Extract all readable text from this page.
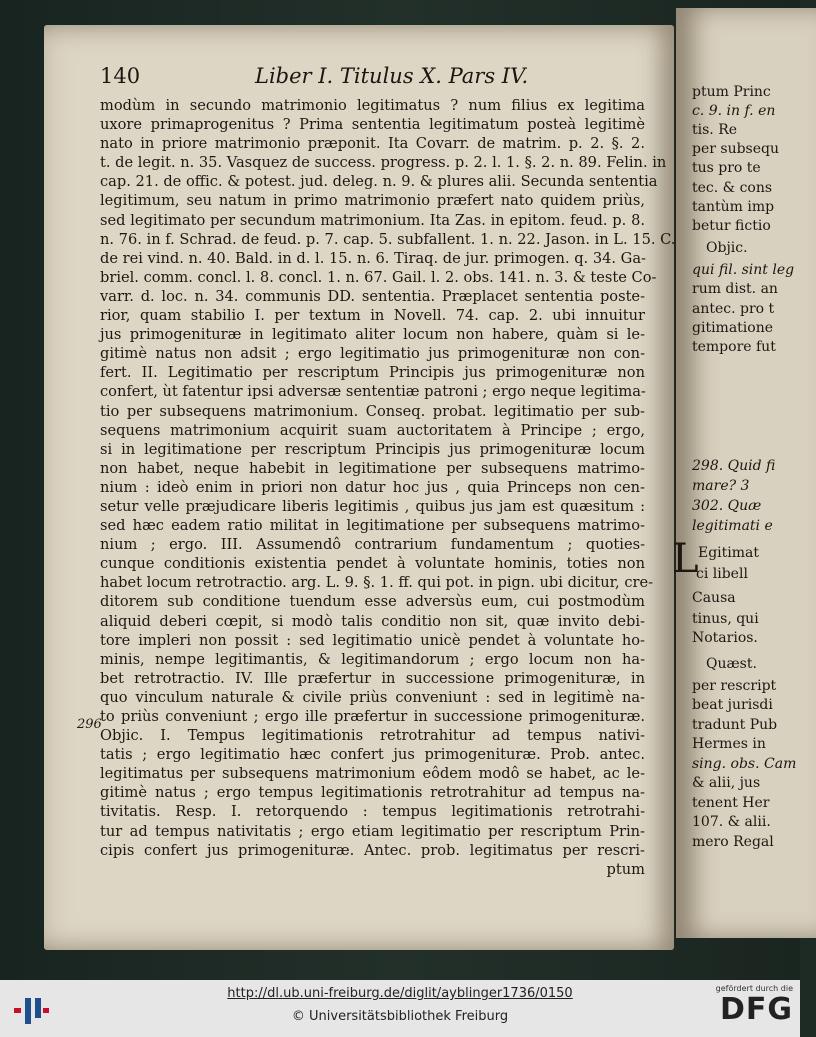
ptum Princ
c. 9. in f. en
tis. Re
per subsequ
tus pro te
tec. & cons
tantùm imp
betur fictio
Objic.
qui fil. sint leg
rum dist. an
antec. pro t
gitimatione
tempore fut
298. Quid fi
mare? 3
302. Quæ
legitimati e
Egitimat
ci libell
Causa
tinus, qui
Notarios.
Quæst.
per rescript
beat jurisdi
tradunt Pub
Hermes in
sing. obs. Cam
& alii, jus
tenent Her
107. & alii.
mero Regal
L
140	Liber I. Titulus X. Pars IV.
modùm in secundo matrimonio legitimatus ? num filius ex legitima
uxore primaprogenitus ? Prima sententia legitimatum posteà legitimè
nato in priore matrimonio præponit. Ita Covarr. de matrim. p. 2. §. 2.
t. de legit. n. 35. Vasquez de success. progress. p. 2. l. 1. §. 2. n. 89. Felin. in
cap. 21. de offic. & potest. jud. deleg. n. 9. & plures alii. Secunda sententia
legitimum, seu natum in primo matrimonio præfert nato quidem priùs,
sed legitimato per secundum matrimonium. Ita Zas. in epitom. feud. p. 8.
n. 76. in f. Schrad. de feud. p. 7. cap. 5. subfallent. 1. n. 22. Jason. in L. 15. C.
de rei vind. n. 40. Bald. in d. l. 15. n. 6. Tiraq. de jur. primogen. q. 34. Ga-
briel. comm. concl. l. 8. concl. 1. n. 67. Gail. l. 2. obs. 141. n. 3. & teste Co-
varr. d. loc. n. 34. communis DD. sententia. Præplacet sententia poste-
rior, quam stabilio I. per textum in Novell. 74. cap. 2. ubi innuitur
jus primogenituræ in legitimato aliter locum non habere, quàm si le-
gitimè natus non adsit ; ergo legitimatio jus primogenituræ non con-
fert. II. Legitimatio per rescriptum Principis jus primogenituræ non
confert, ùt fatentur ipsi adversæ sententiæ patroni ; ergo neque legitima-
tio per subsequens matrimonium. Conseq. probat. legitimatio per sub-
sequens matrimonium acquirit suam auctoritatem à Principe ; ergo,
si in legitimatione per rescriptum Principis jus primogenituræ locum
non habet, neque habebit in legitimatione per subsequens matrimo-
nium : ideò enim in priori non datur hoc jus , quia Princeps non cen-
setur velle præjudicare liberis legitimis , quibus jus jam est quæsitum :
sed hæc eadem ratio militat in legitimatione per subsequens matrimo-
nium ; ergo. III. Assumendô contrarium fundamentum ; quoties-
cunque conditionis existentia pendet à voluntate hominis, toties non
habet locum retrotractio. arg. L. 9. §. 1. ff. qui pot. in pign. ubi dicitur, cre-
ditorem sub conditione tuendum esse adversùs eum, cui postmodùm
aliquid deberi cœpit, si modò talis conditio non sit, quæ invito debi-
tore impleri non possit : sed legitimatio unicè pendet à voluntate ho-
minis, nempe legitimantis, & legitimandorum ; ergo locum non ha-
bet retrotractio. IV. Ille præfertur in successione primogenituræ, in
quo vinculum naturale & civile priùs conveniunt : sed in legitimè na-
to priùs conveniunt ; ergo ille præfertur in successione primogenituræ.
Objic. I. Tempus legitimationis retrotrahitur ad tempus nativi-
tatis ; ergo legitimatio hæc confert jus primogenituræ. Prob. antec.
legitimatus per subsequens matrimonium eôdem modô se habet, ac le-
gitimè natus ; ergo tempus legitimationis retrotrahitur ad tempus na-
tivitatis. Resp. I. retorquendo : tempus legitimationis retrotrahi-
tur ad tempus nativitatis ; ergo etiam legitimatio per rescriptum Prin-
cipis confert jus primogenituræ. Antec. prob. legitimatus per rescri-
ptum
296
http://dl.ub.uni-freiburg.de/diglit/ayblinger1736/0150
© Universitätsbibliothek Freiburg
gefördert durch die
DFG
